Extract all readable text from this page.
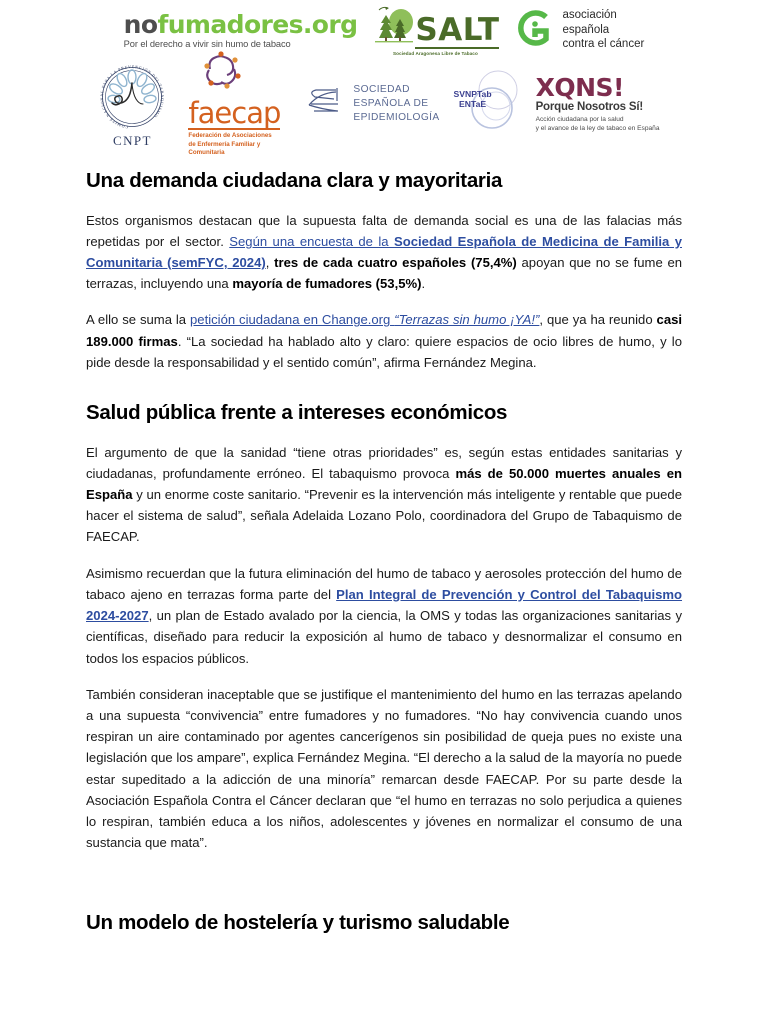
nofumadores.org
Por el derecho a vivir sin humo de tabaco	SALT
Sociedad Aragonesa Libre de Tabaco
asociación
española
contra el cáncer
COMITÉ NACIONAL PARA LA PREVENCIÓN DEL TABAQUISMO
CNPT
faecap
Federación de Asociaciones
de Enfermería Familiar y
Comunitaria
SOCIEDAD
ESPAÑOLA DE
EPIDEMIOLOGÍA
SVNPTab
ENTaE
XQNS!
Porque Nosotros Sí!
Acción ciudadana por la salud
y el avance de la ley de tabaco en España
Una demanda ciudadana clara y mayoritaria

Estos organismos destacan que la supuesta falta de demanda social es una de las falacias más repetidas por el sector. Según una encuesta de la Sociedad Española de Medicina de Familia y Comunitaria (semFYC, 2024), tres de cada cuatro españoles (75,4%) apoyan que no se fume en terrazas, incluyendo una mayoría de fumadores (53,5%).

A ello se suma la petición ciudadana en Change.org “Terrazas sin humo ¡YA!”, que ya ha reunido casi 189.000 firmas. “La sociedad ha hablado alto y claro: quiere espacios de ocio libres de humo, y lo pide desde la responsabilidad y el sentido común”, afirma Fernández Megina.

Salud pública frente a intereses económicos

El argumento de que la sanidad “tiene otras prioridades” es, según estas entidades sanitarias y ciudadanas, profundamente erróneo. El tabaquismo provoca más de 50.000 muertes anuales en España y un enorme coste sanitario. “Prevenir es la intervención más inteligente y rentable que puede hacer el sistema de salud”, señala Adelaida Lozano Polo, coordinadora del Grupo de Tabaquismo de FAECAP.

Asimismo recuerdan que la futura eliminación del humo de tabaco y aerosoles protección del humo de tabaco ajeno en terrazas forma parte del Plan Integral de Prevención y Control del Tabaquismo 2024-2027, un plan de Estado avalado por la ciencia, la OMS y todas las organizaciones sanitarias y científicas, diseñado para reducir la exposición al humo de tabaco y desnormalizar el consumo en todos los espacios públicos.

También consideran inaceptable que se justifique el mantenimiento del humo en las terrazas apelando a una supuesta “convivencia” entre fumadores y no fumadores. “No hay convivencia cuando unos respiran un aire contaminado por agentes cancerígenos sin posibilidad de queja pues no existe una legislación que los ampare”, explica Fernández Megina. “El derecho a la salud de la mayoría no puede estar supeditado a la adicción de una minoría” remarcan desde FAECAP. Por su parte desde la Asociación Española Contra el Cáncer declaran que “el humo en terrazas no solo perjudica a quienes lo respiran, también educa a los niños, adolescentes y jóvenes en normalizar el consumo de una sustancia que mata”.

Un modelo de hostelería y turismo saludable
